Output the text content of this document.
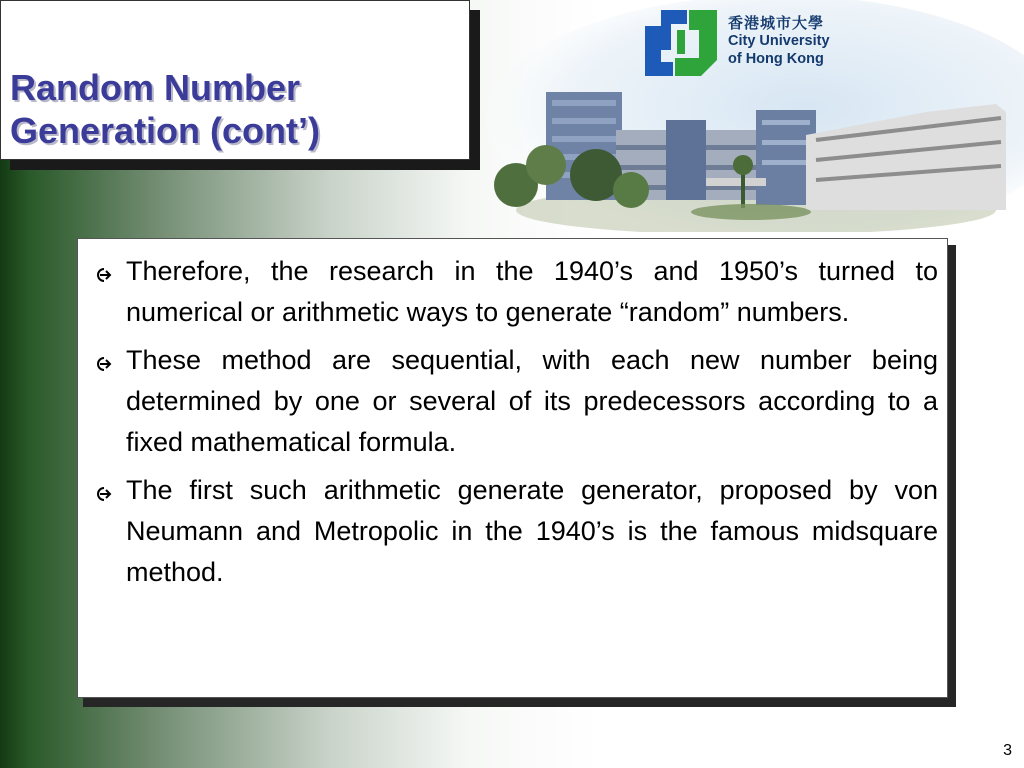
Random Number
Generation (cont’)
香港城市大學
City University
of Hong Kong
Therefore, the research in the 1940’s and 1950’s turned to numerical or arithmetic ways to generate “random” numbers.
These method are sequential, with each new number being determined by one or several of its predecessors according to a fixed mathematical formula.
The first such arithmetic generate generator, proposed by von Neumann and Metropolic in the 1940’s is the famous midsquare method.
3
